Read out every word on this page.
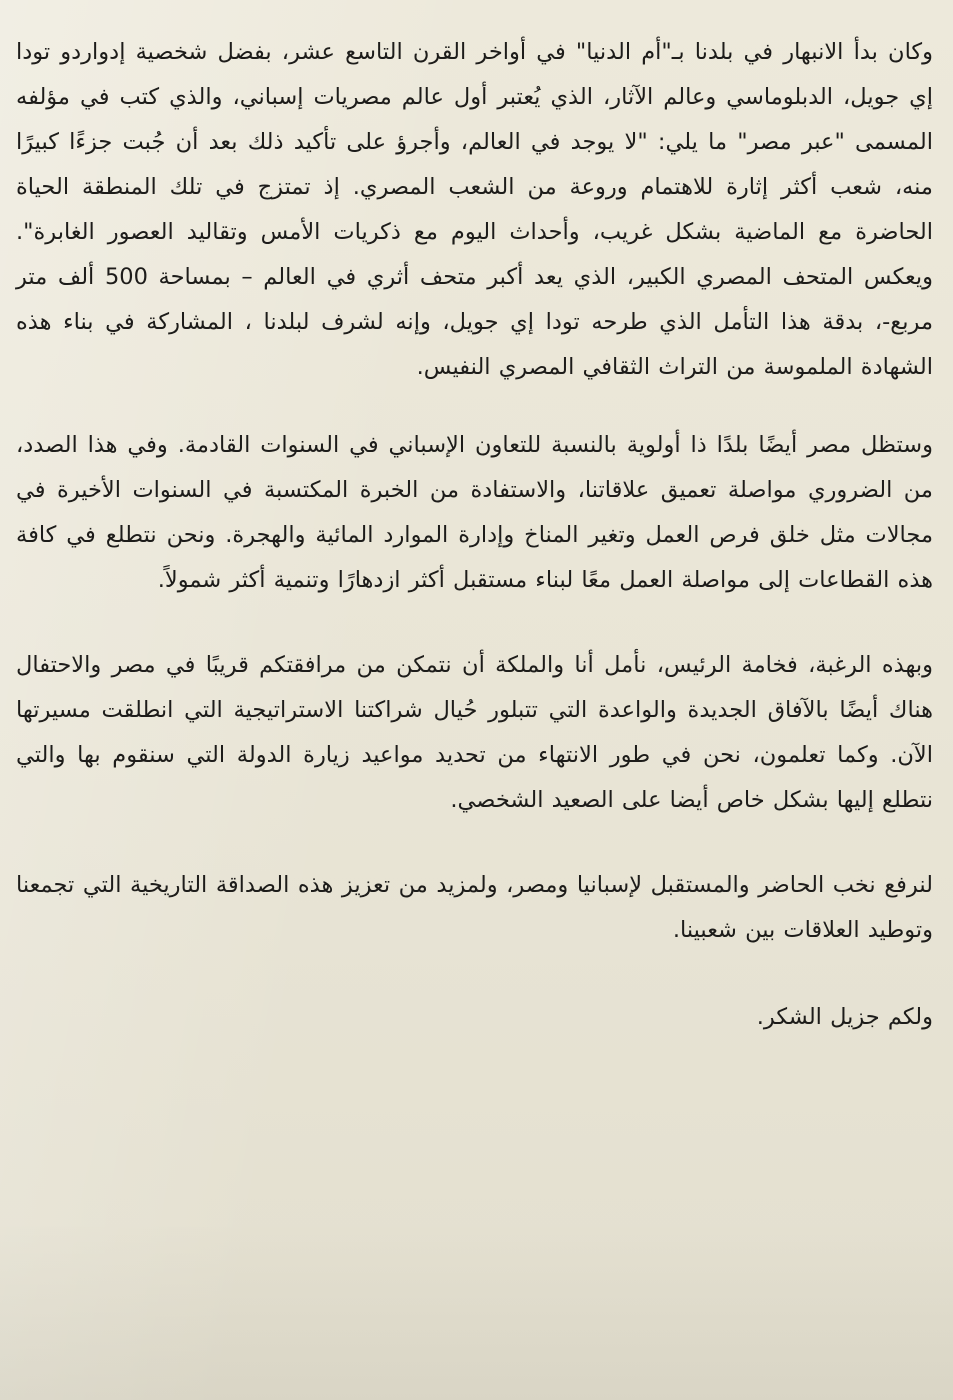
وكان بدأ الانبهار في بلدنا بـ"أم الدنيا" في أواخر القرن التاسع عشر، بفضل شخصية إدواردو تودا إي جويل، الدبلوماسي وعالم الآثار، الذي يُعتبر أول عالم مصريات إسباني، والذي كتب في مؤلفه المسمى "عبر مصر" ما يلي: "لا يوجد في العالم، وأجرؤ على تأكيد ذلك بعد أن جُبت جزءًا كبيرًا منه، شعب أكثر إثارة للاهتمام وروعة من الشعب المصري. إذ تمتزج في تلك المنطقة الحياة الحاضرة مع الماضية بشكل غريب، وأحداث اليوم مع ذكريات الأمس وتقاليد العصور الغابرة". ويعكس المتحف المصري الكبير، الذي يعد أكبر متحف أثري في العالم – بمساحة 500 ألف متر مربع-، بدقة هذا التأمل الذي طرحه تودا إي جويل، وإنه لشرف لبلدنا ، المشاركة في بناء هذه الشهادة الملموسة من التراث الثقافي المصري النفيس.

وستظل مصر أيضًا بلدًا ذا أولوية بالنسبة للتعاون الإسباني في السنوات القادمة. وفي هذا الصدد، من الضروري مواصلة تعميق علاقاتنا، والاستفادة من الخبرة المكتسبة في السنوات الأخيرة في مجالات مثل خلق فرص العمل وتغير المناخ وإدارة الموارد المائية والهجرة. ونحن نتطلع في كافة هذه القطاعات إلى مواصلة العمل معًا لبناء مستقبل أكثر ازدهارًا وتنمية أكثر شمولاً.

وبهذه الرغبة، فخامة الرئيس، نأمل أنا والملكة أن نتمكن من مرافقتكم قريبًا في مصر والاحتفال هناك أيضًا بالآفاق الجديدة والواعدة التي تتبلور حُيال شراكتنا الاستراتيجية التي انطلقت مسيرتها الآن. وكما تعلمون، نحن في طور الانتهاء من تحديد مواعيد زيارة الدولة التي سنقوم بها والتي نتطلع إليها بشكل خاص أيضا على الصعيد الشخصي.

لنرفع نخب الحاضر والمستقبل لإسبانيا ومصر، ولمزيد من تعزيز هذه الصداقة التاريخية التي تجمعنا وتوطيد العلاقات بين شعبينا.

ولكم جزيل الشكر.
